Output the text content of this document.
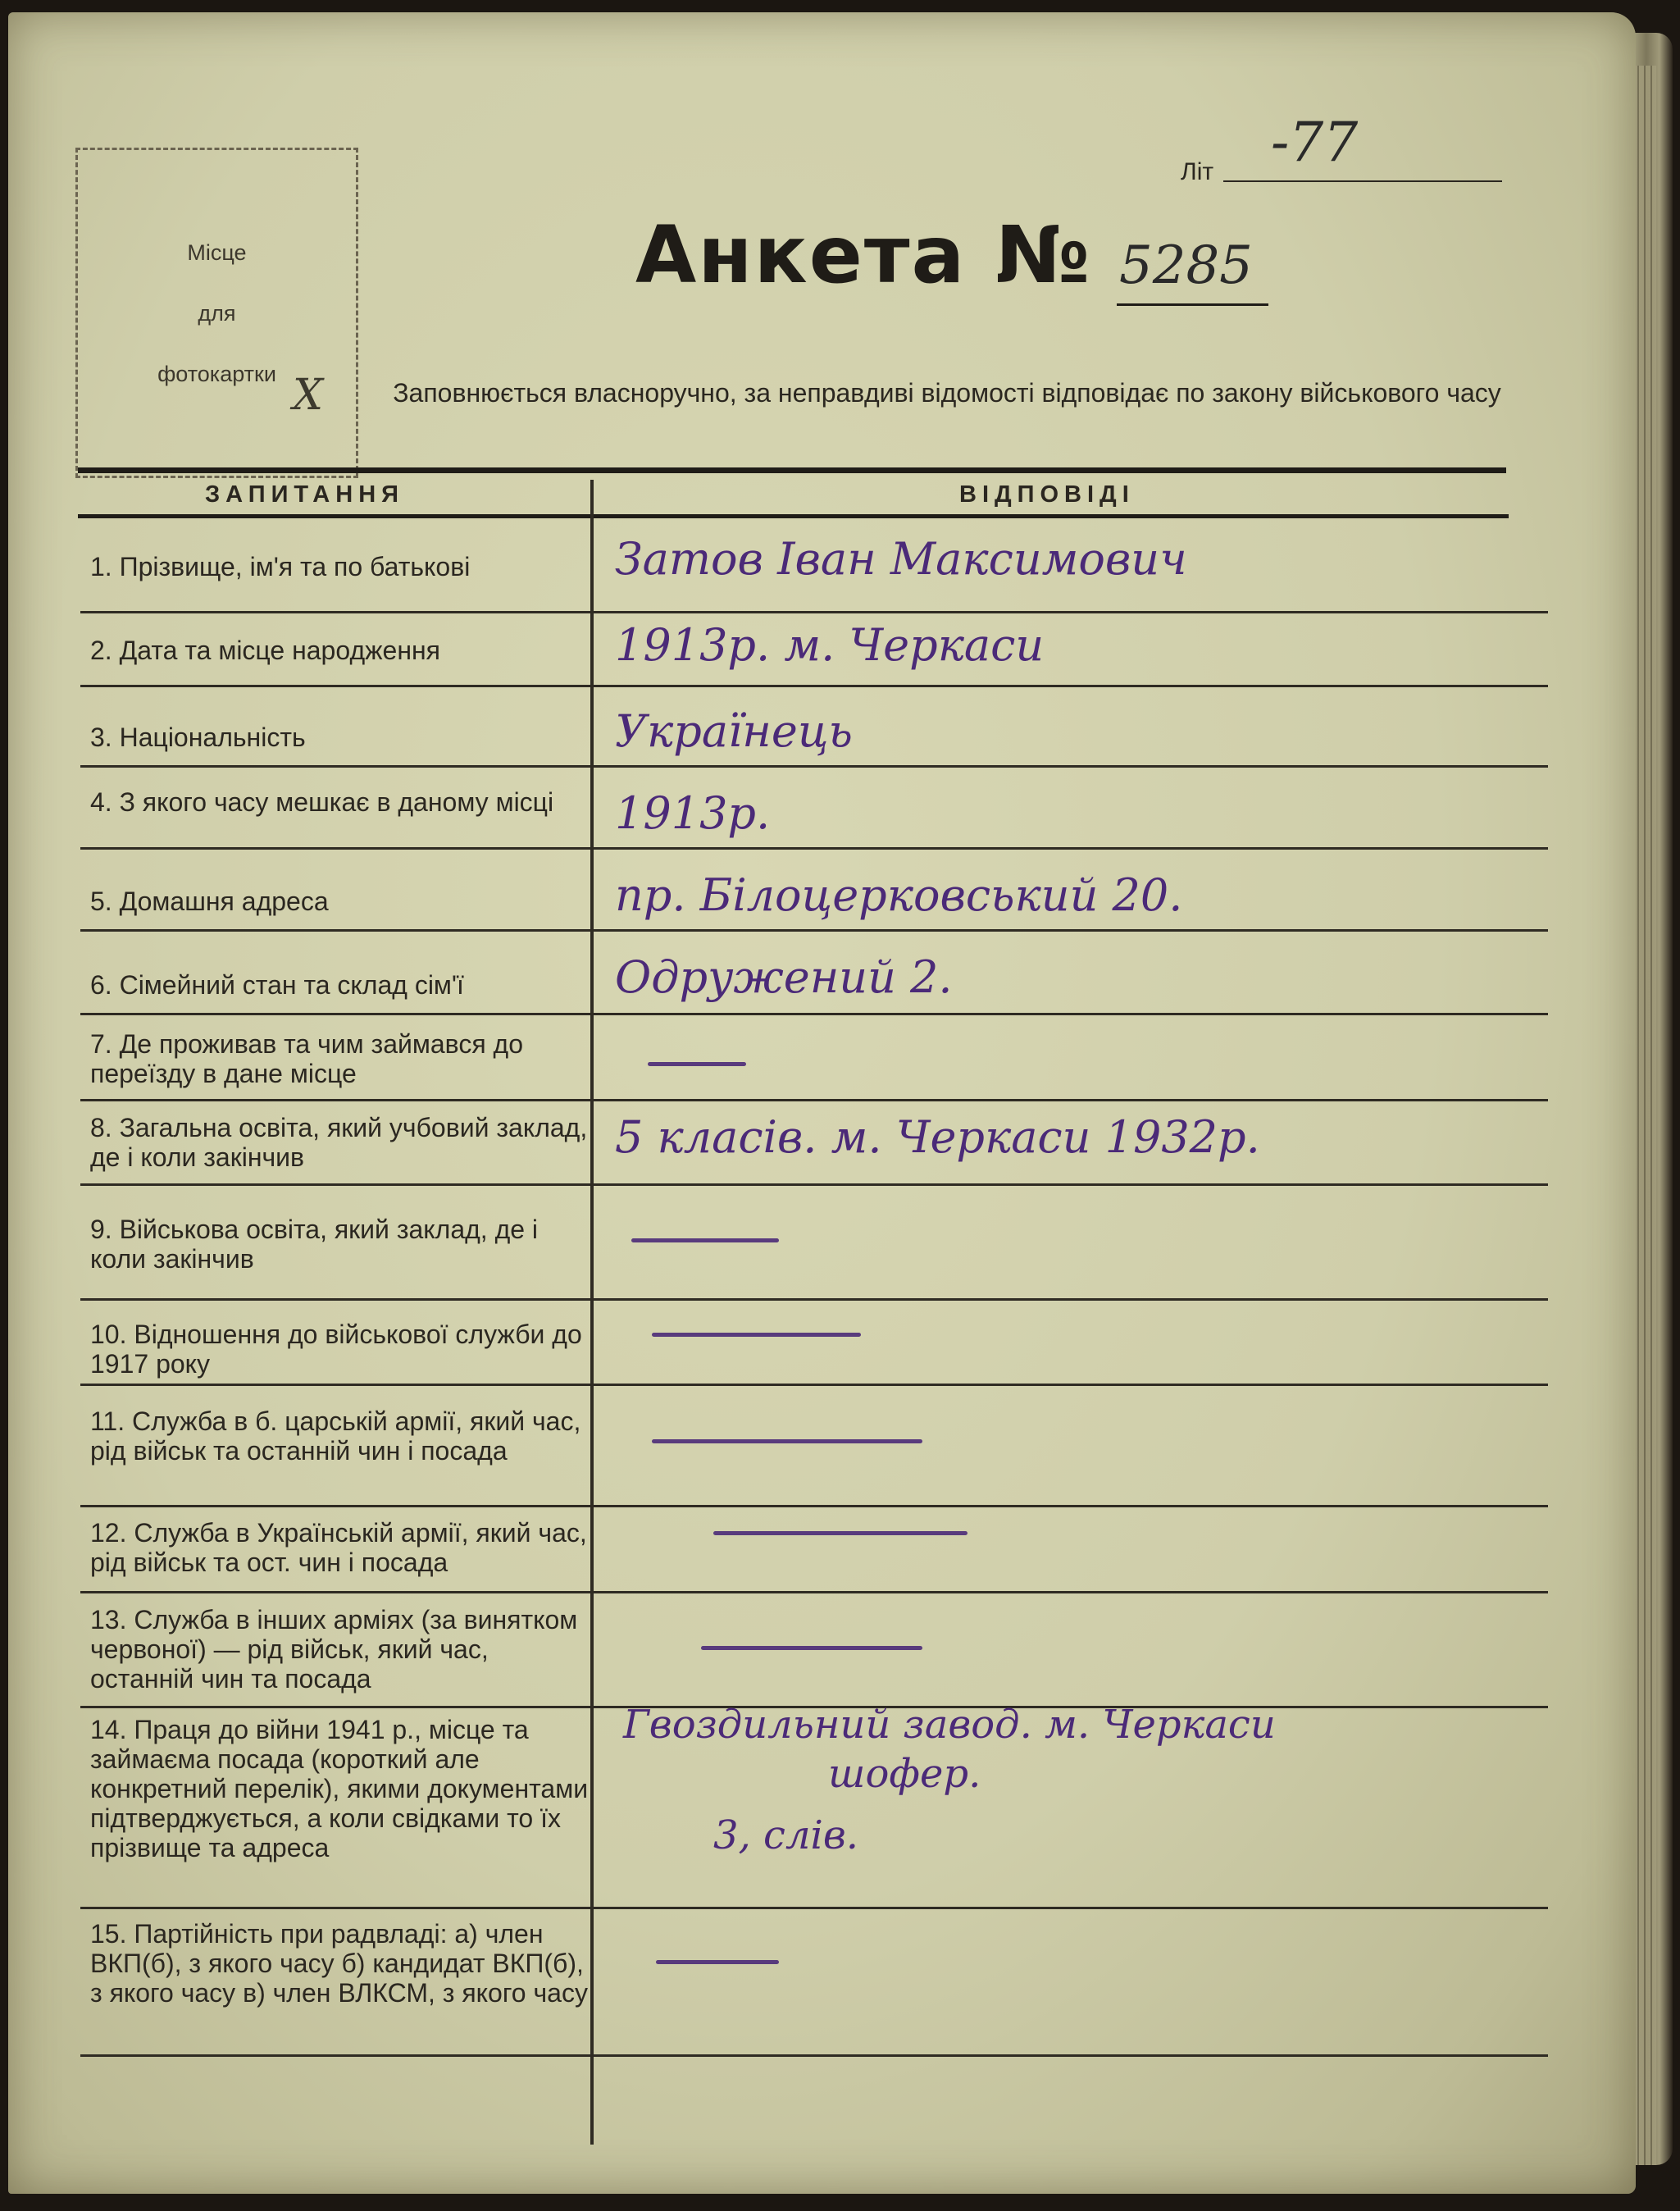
Місце
для
фотокартки X
Літ -77
Анкета № 5285
Заповнюється власноручно, за неправдиві відомості відповідає по закону військового часу
ЗАПИТАННЯ	ВІДПОВІДІ
1. Прізвище, ім'я та по батькові	Затов Іван Максимович
2. Дата та місце народження	1913р. м. Черкаси
3. Національність	Українець
4. З якого часу мешкає в даному місці	1913р.
5. Домашня адреса	пр. Білоцерковський 20.
6. Сімейний стан та склад сім'ї	Одружений 2.
7. Де проживав та чим займався до переїзду в дане місце
8. Загальна освіта, який учбовий заклад, де і коли закінчив	5 класів. м. Черкаси 1932р.
9. Військова освіта, який заклад, де і коли закінчив
10. Відношення до військової служби до 1917 року
11. Служба в б. царській армії, який час, рід військ та останній чин і посада
12. Служба в Українській армії, який час, рід військ та ост. чин і посада
13. Служба в інших арміях (за винятком червоної) — рід військ, який час, останній чин та посада
14. Праця до війни 1941 р., місце та займаєма посада (короткий але конкретний перелік), якими документами підтверджується, а коли свідками то їх прізвище та адреса
Гвоздильний завод. м. Черкаси
шофер.
3, слів.
15. Партійність при радвладі: а) член ВКП(б), з якого часу б) кандидат ВКП(б), з якого часу в) член ВЛКСМ, з якого часу
